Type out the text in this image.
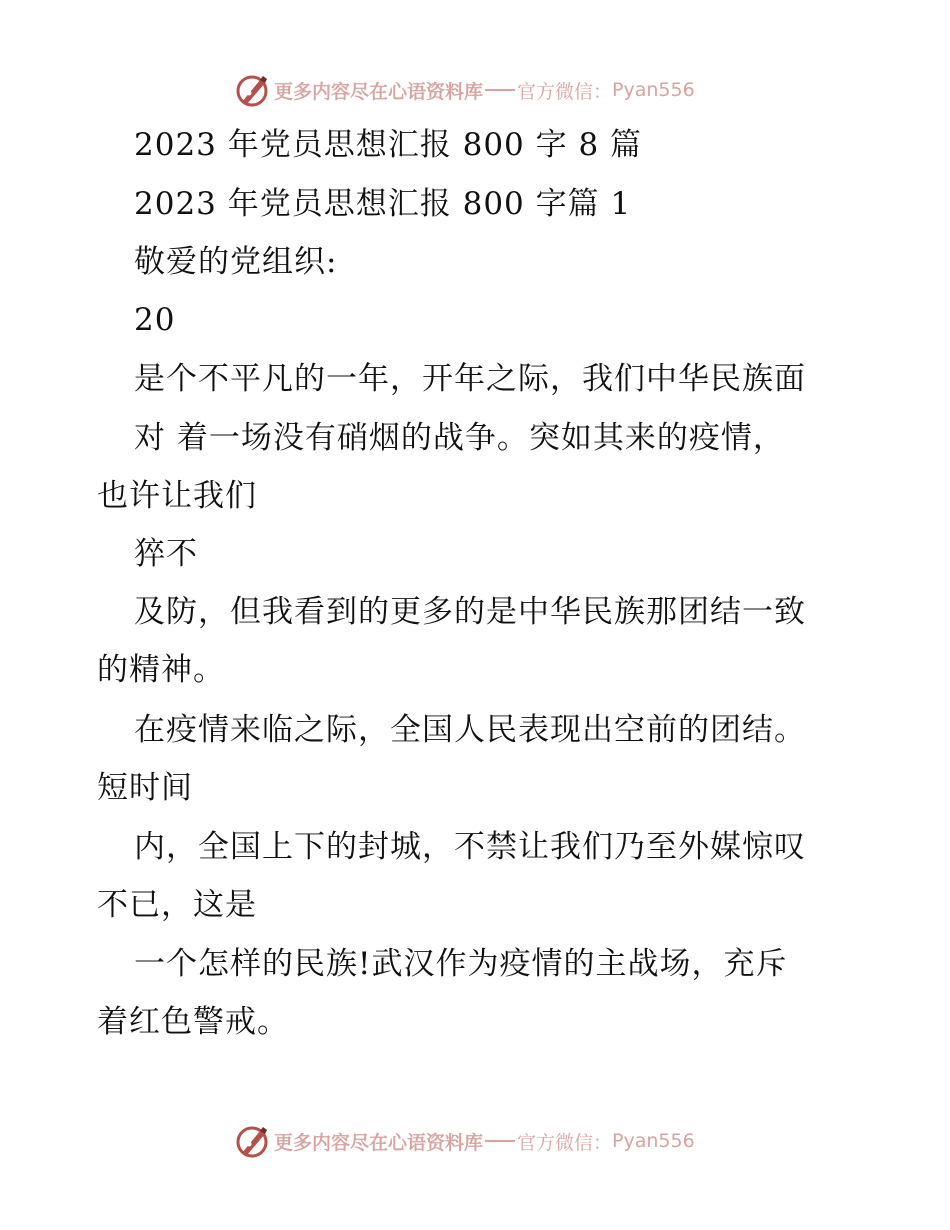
更多内容尽在心语资料库 官方微信： Pyan556
2023 年党员思想汇报 800 字 8 篇
2023 年党员思想汇报 800 字篇 1
敬爱的党组织:
20
是个不平凡的一年，开年之际，我们中华民族面
对 着一场没有硝烟的战争。突如其来的疫情，
也许让我们
猝不
及防，但我看到的更多的是中华民族那团结一致
的精神。
在疫情来临之际，全国人民表现出空前的团结。
短时间
内，全国上下的封城，不禁让我们乃至外媒惊叹
不已，这是
一个怎样的民族!武汉作为疫情的主战场，充斥
着红色警戒。
更多内容尽在心语资料库 官方微信： Pyan556
